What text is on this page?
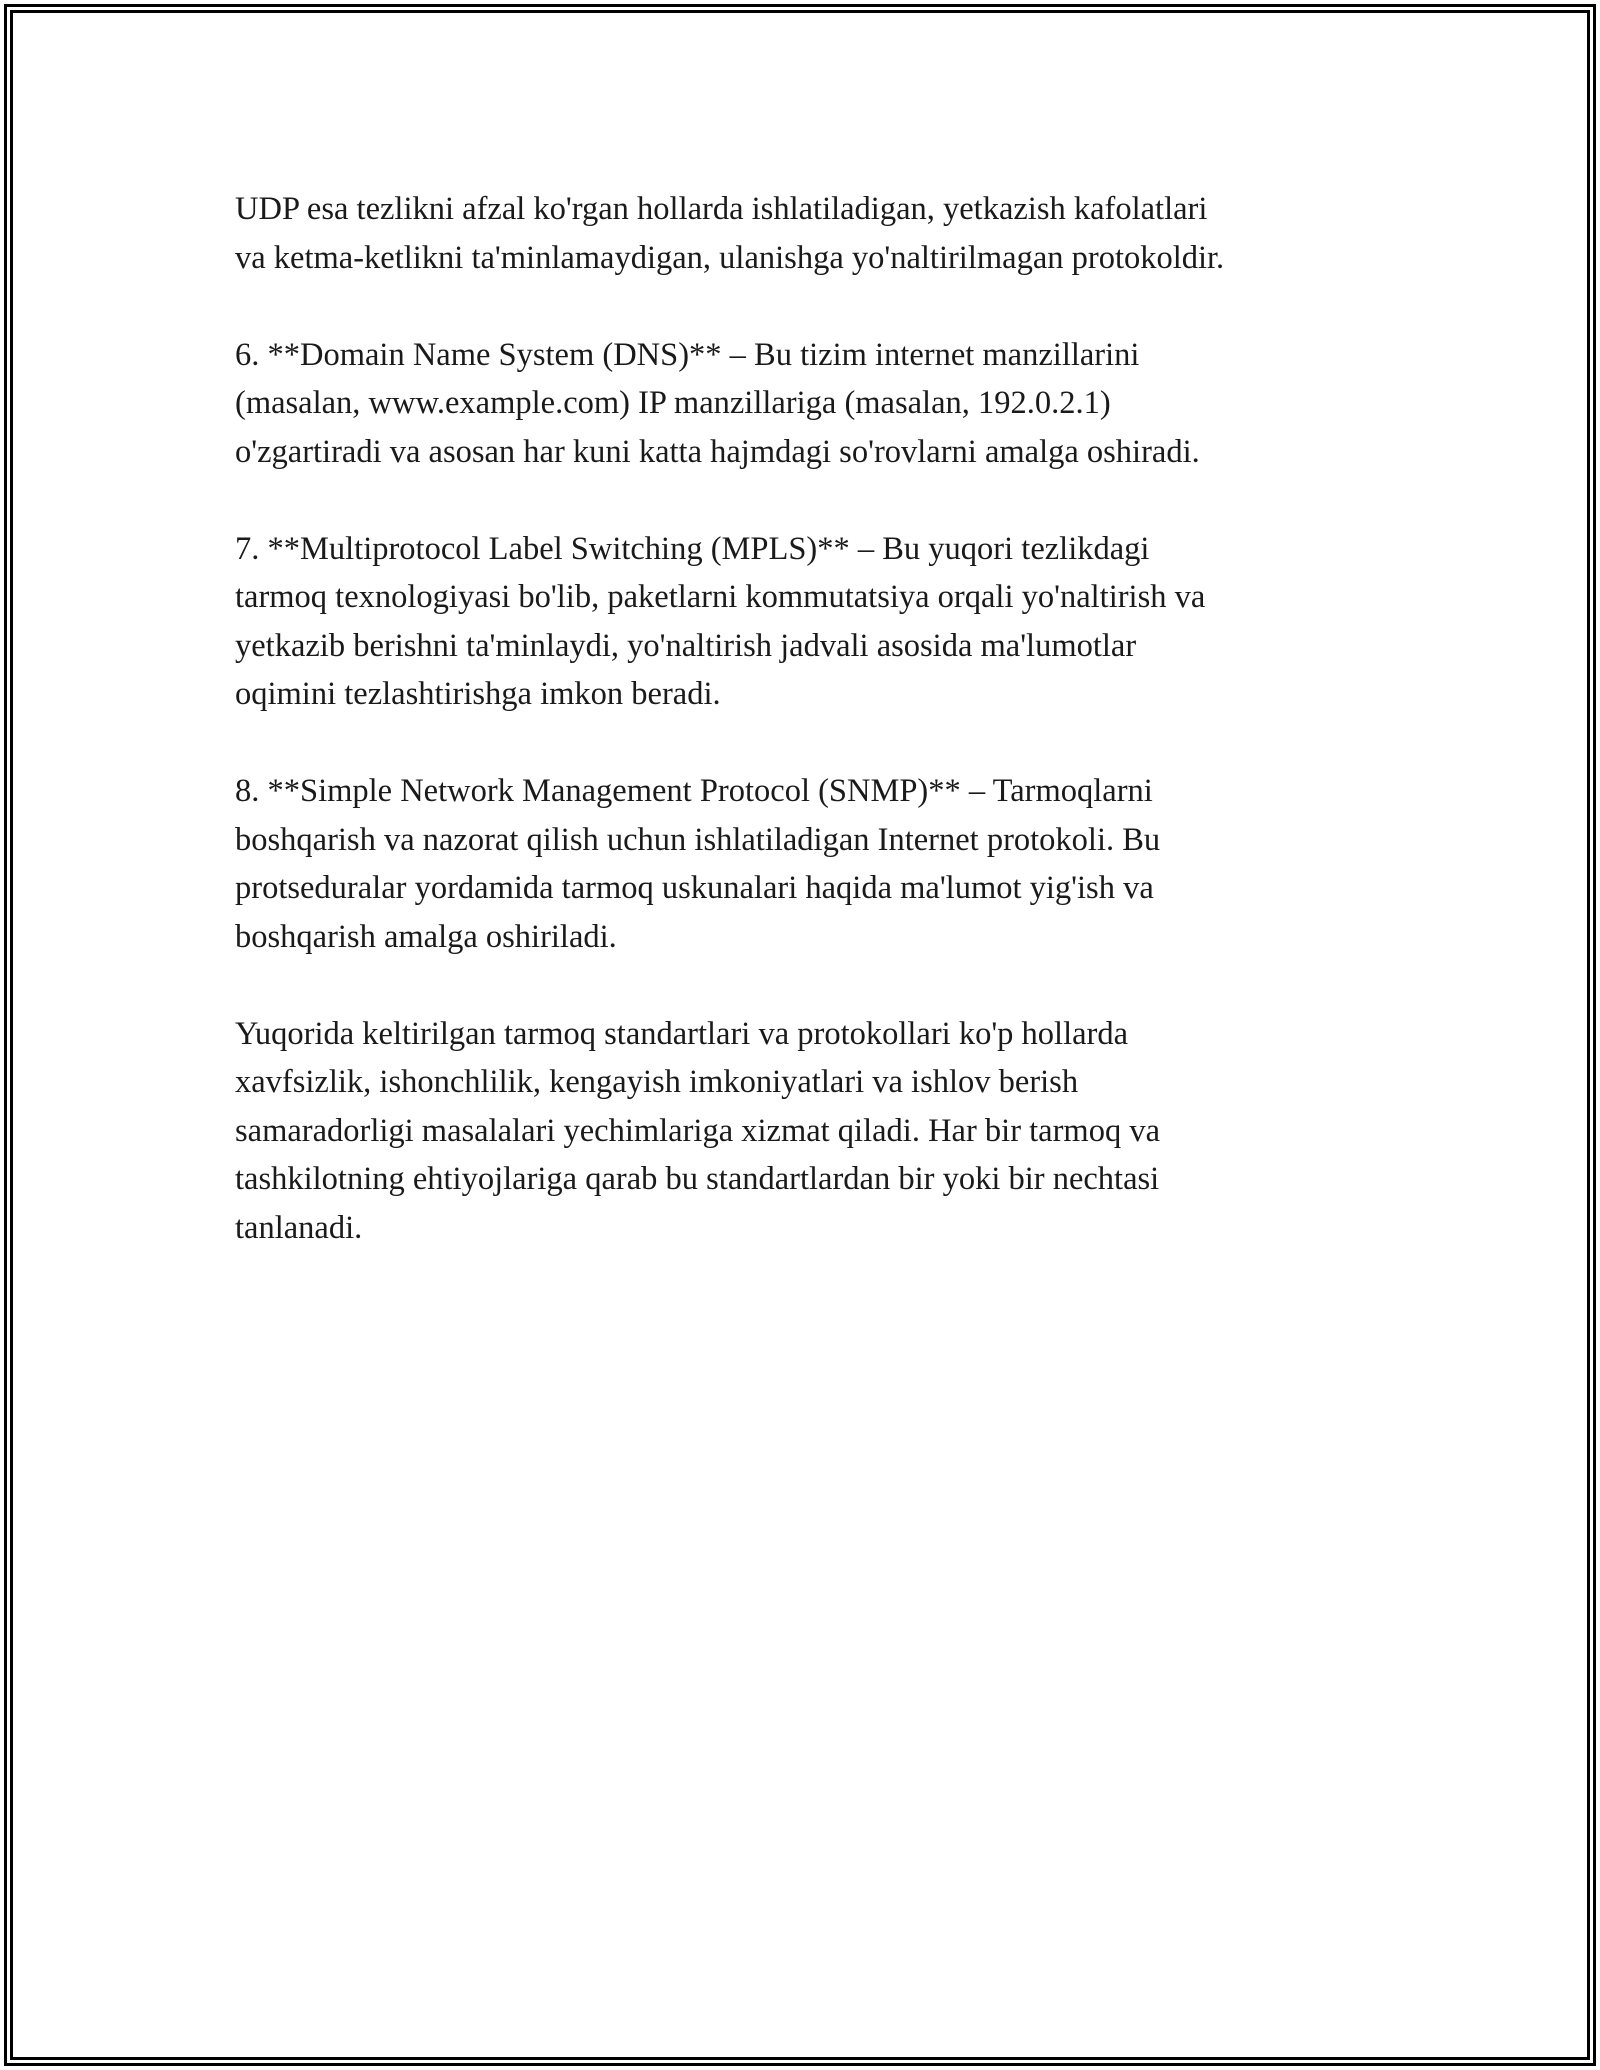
UDP esa tezlikni afzal ko'rgan hollarda ishlatiladigan, yetkazish kafolatlari
va ketma-ketlikni ta'minlamaydigan, ulanishga yo'naltirilmagan protokoldir.

6. **Domain Name System (DNS)** – Bu tizim internet manzillarini
(masalan, www.example.com) IP manzillariga (masalan, 192.0.2.1)
o'zgartiradi va asosan har kuni katta hajmdagi so'rovlarni amalga oshiradi.

7. **Multiprotocol Label Switching (MPLS)** – Bu yuqori tezlikdagi
tarmoq texnologiyasi bo'lib, paketlarni kommutatsiya orqali yo'naltirish va
yetkazib berishni ta'minlaydi, yo'naltirish jadvali asosida ma'lumotlar
oqimini tezlashtirishga imkon beradi.

8. **Simple Network Management Protocol (SNMP)** – Tarmoqlarni
boshqarish va nazorat qilish uchun ishlatiladigan Internet protokoli. Bu
protseduralar yordamida tarmoq uskunalari haqida ma'lumot yig'ish va
boshqarish amalga oshiriladi.

Yuqorida keltirilgan tarmoq standartlari va protokollari ko'p hollarda
xavfsizlik, ishonchlilik, kengayish imkoniyatlari va ishlov berish
samaradorligi masalalari yechimlariga xizmat qiladi. Har bir tarmoq va
tashkilotning ehtiyojlariga qarab bu standartlardan bir yoki bir nechtasi
tanlanadi.
